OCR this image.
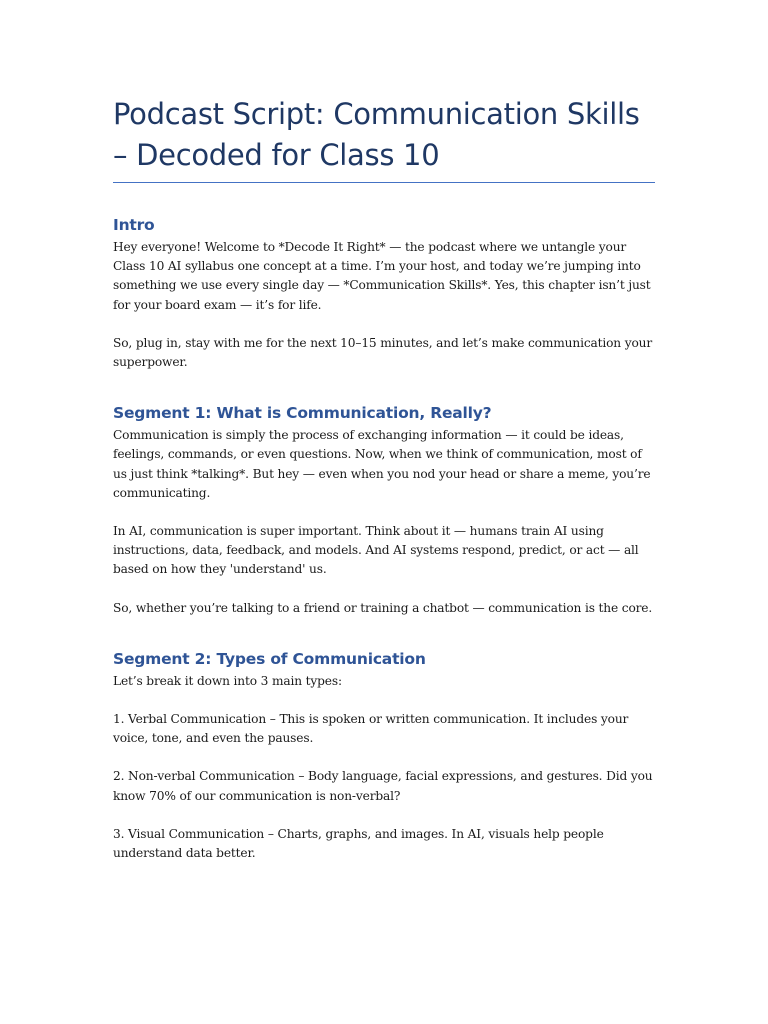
Podcast Script: Communication Skills – Decoded for Class 10
Intro

Hey everyone! Welcome to *Decode It Right* — the podcast where we untangle your Class 10 AI syllabus one concept at a time. I’m your host, and today we’re jumping into something we use every single day — *Communication Skills*. Yes, this chapter isn’t just for your board exam — it’s for life.

So, plug in, stay with me for the next 10–15 minutes, and let’s make communication your superpower.

Segment 1: What is Communication, Really?

Communication is simply the process of exchanging information — it could be ideas, feelings, commands, or even questions. Now, when we think of communication, most of us just think *talking*. But hey — even when you nod your head or share a meme, you’re communicating.

In AI, communication is super important. Think about it — humans train AI using instructions, data, feedback, and models. And AI systems respond, predict, or act — all based on how they 'understand' us.

So, whether you’re talking to a friend or training a chatbot — communication is the core.

Segment 2: Types of Communication

Let’s break it down into 3 main types:

1. Verbal Communication – This is spoken or written communication. It includes your voice, tone, and even the pauses.

2. Non-verbal Communication – Body language, facial expressions, and gestures. Did you know 70% of our communication is non-verbal?

3. Visual Communication – Charts, graphs, and images. In AI, visuals help people understand data better.
